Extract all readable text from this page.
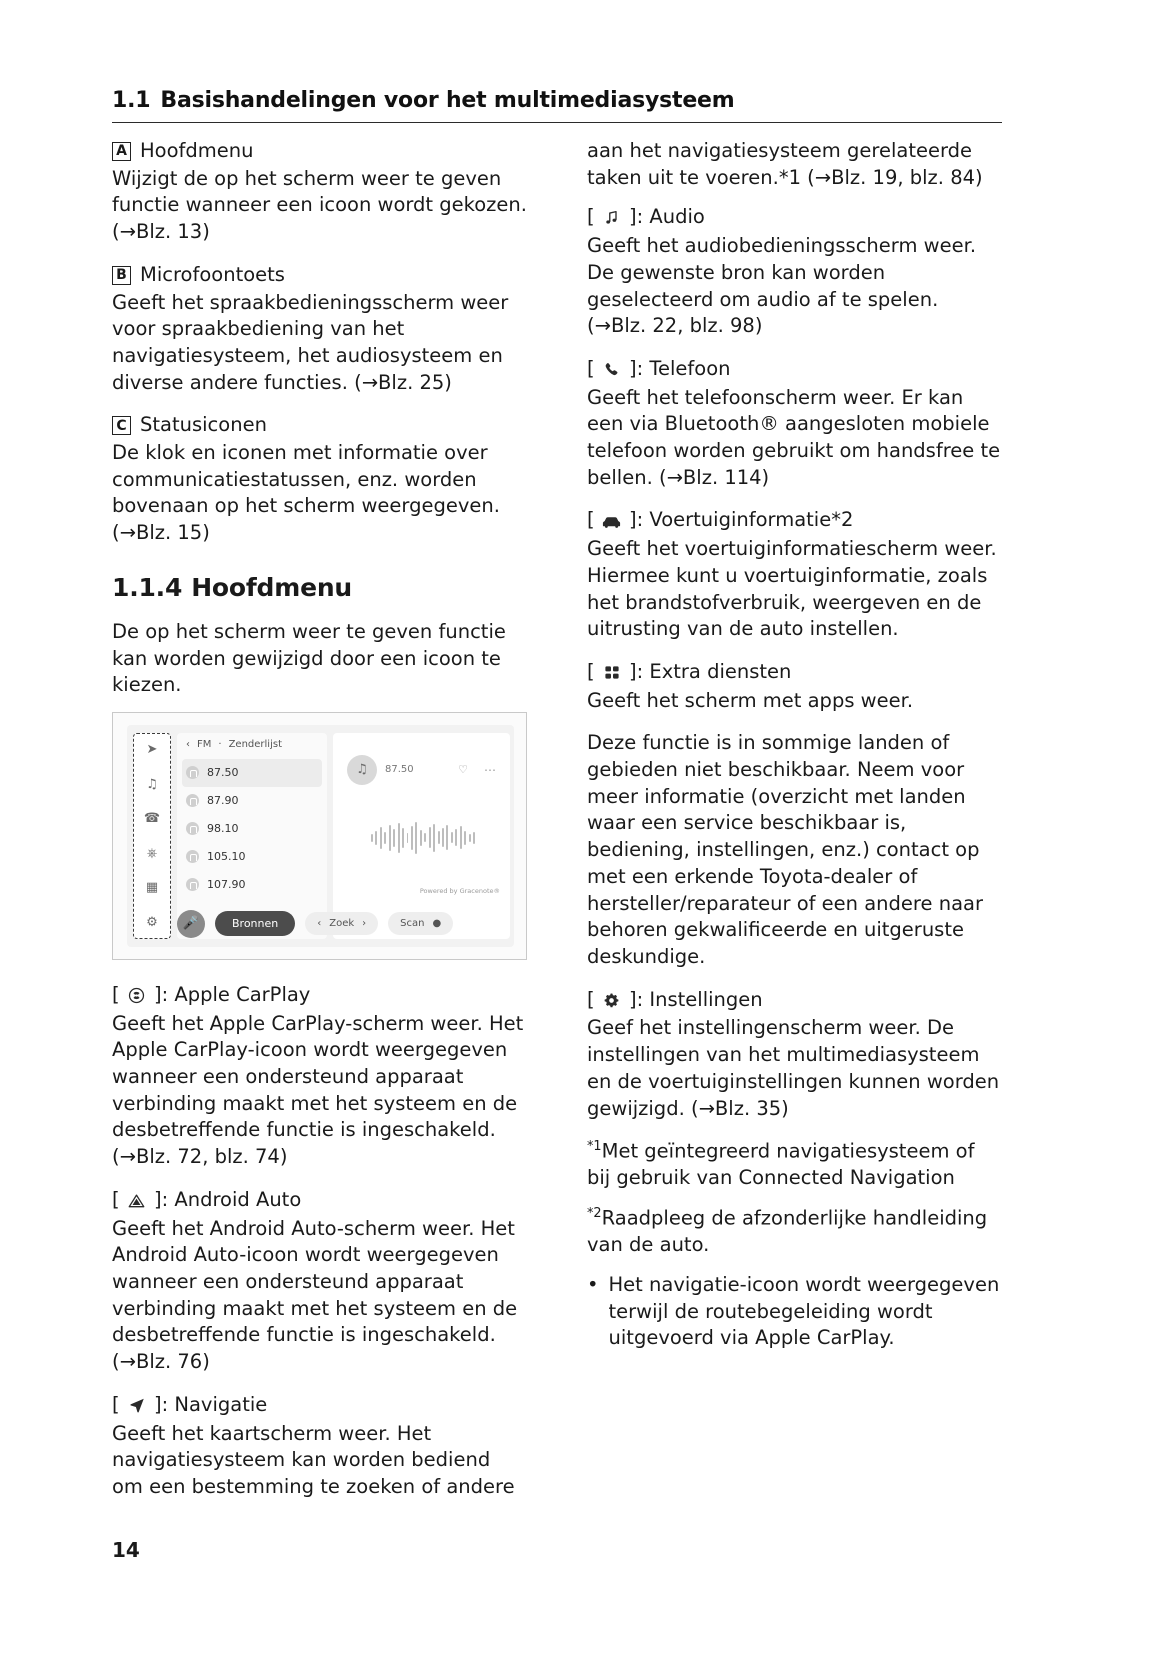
1.1 Basishandelingen voor het multimediasysteem
A Hoofdmenu

Wijzigt de op het scherm weer te geven functie wanneer een icoon wordt gekozen. (→Blz. 13)

B Microfoontoets

Geeft het spraakbedieningsscherm weer voor spraakbediening van het navigatiesysteem, het audiosysteem en diverse andere functies. (→Blz. 25)

C Statusiconen

De klok en iconen met informatie over communicatiestatussen, enz. worden bovenaan op het scherm weergegeven. (→Blz. 15)

1.1.4 Hoofdmenu

De op het scherm weer te geven functie kan worden gewijzigd door een icoon te kiezen.

➤
♫
☎
⎈
▦
⚙
87.50
87.90
98.10
105.10
107.90
‹ FM · Zenderlijst
♫	87.50	♡ ⋯
Powered by Gracenote®
🎤	Bronnen	‹ Zoek ›	Scan ●

[ ]: Apple CarPlay

Geeft het Apple CarPlay-scherm weer. Het Apple CarPlay-icoon wordt weergegeven wanneer een ondersteund apparaat verbinding maakt met het systeem en de desbetreffende functie is ingeschakeld. (→Blz. 72, blz. 74)

[ ]: Android Auto

Geeft het Android Auto-scherm weer. Het Android Auto-icoon wordt weergegeven wanneer een ondersteund apparaat verbinding maakt met het systeem en de desbetreffende functie is ingeschakeld. (→Blz. 76)

[ ]: Navigatie

Geeft het kaartscherm weer. Het navigatiesysteem kan worden bediend om een bestemming te zoeken of andere

aan het navigatiesysteem gerelateerde taken uit te voeren.*1 (→Blz. 19, blz. 84)

[ ]: Audio

Geeft het audiobedieningsscherm weer. De gewenste bron kan worden geselecteerd om audio af te spelen. (→Blz. 22, blz. 98)

[ ]: Telefoon

Geeft het telefoonscherm weer. Er kan een via Bluetooth® aangesloten mobiele telefoon worden gebruikt om handsfree te bellen. (→Blz. 114)

[ ]: Voertuiginformatie*2

Geeft het voertuiginformatiescherm weer. Hiermee kunt u voertuiginformatie, zoals het brandstofverbruik, weergeven en de uitrusting van de auto instellen.

[ ]: Extra diensten

Geeft het scherm met apps weer.

Deze functie is in sommige landen of gebieden niet beschikbaar. Neem voor meer informatie (overzicht met landen waar een service beschikbaar is, bediening, instellingen, enz.) contact op met een erkende Toyota-dealer of hersteller/reparateur of een andere naar behoren gekwalificeerde en uitgeruste deskundige.

[ ]: Instellingen

Geef het instellingenscherm weer. De instellingen van het multimediasysteem en de voertuiginstellingen kunnen worden gewijzigd. (→Blz. 35)

$^{*1}$Met geïntegreerd navigatiesysteem of bij gebruik van Connected Navigation

$^{*2}$Raadpleeg de afzonderlijke handleiding van de auto.

• Het navigatie-icoon wordt weergegeven terwijl de routebegeleiding wordt uitgevoerd via Apple CarPlay.
14
